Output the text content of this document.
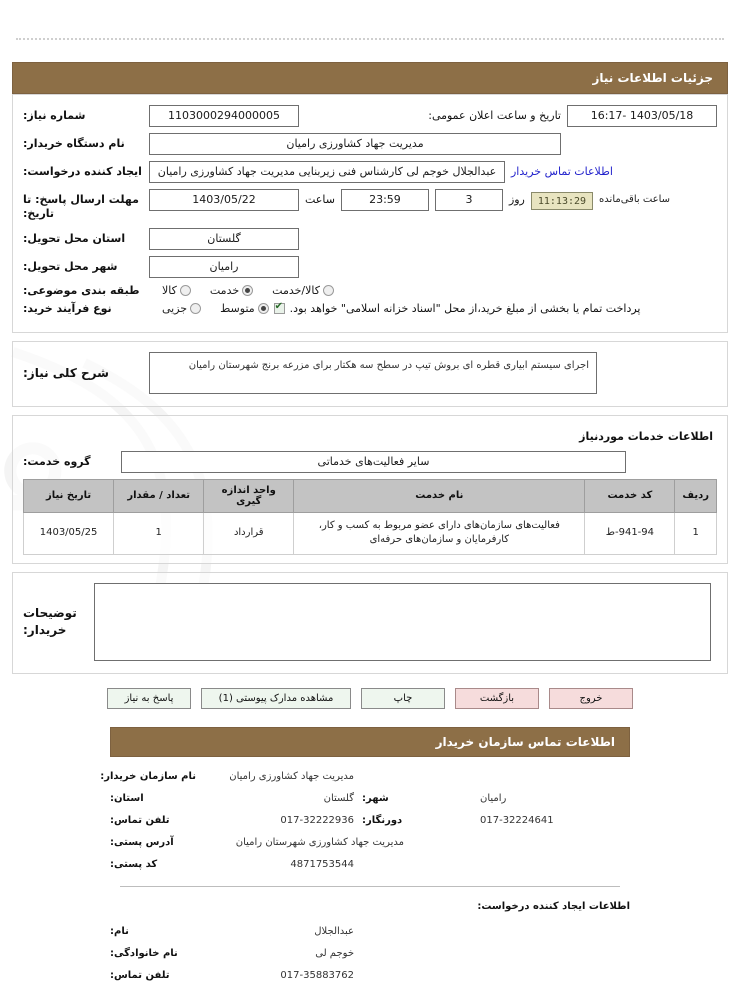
جزئیات اطلاعات نیاز
1403/05/18 -16:17
تاریخ و ساعت اعلان عمومی:
1103000294000005
شماره نیاز:
مدیریت جهاد کشاورزی رامیان
نام دستگاه خریدار:
اطلاعات تماس خریدار
عبدالجلال خوجم لی کارشناس فنی زیربنایی مدیریت جهاد کشاورزی رامیان
ایجاد کننده درخواست:
ساعت باقی‌مانده
11:13:29
روز
3
23:59
ساعت
1403/05/22
مهلت ارسال پاسخ: تا تاریخ:
گلستان
استان محل تحویل:
رامیان
شهر محل تحویل:
کالا/خدمت
خدمت
کالا
طبقه بندی موضوعی:
پرداخت تمام یا بخشی از مبلغ خرید،از محل "اسناد خزانه اسلامی" خواهد بود.
✔
متوسط
جزیی
نوع فرآیند خرید:
اجرای سیستم ابیاری قطره ای بروش تیپ در سطح سه هکتار برای مزرعه برنج شهرستان رامیان
شرح کلی نیاز:
اطلاعات خدمات موردنیاز
سایر فعالیت‌های خدماتی
گروه خدمت:
ردیف	کد خدمت	نام خدمت	واحد اندازه گیری	تعداد / مقدار	تاریخ نیاز
1	941-94-ط	فعالیت‌های سازمان‌های دارای عضو مربوط به کسب و کار، کارفرمایان و سازمان‌های حرفه‌ای	قرارداد	1	1403/05/25
توضیحات خریدار:
خروج
بازگشت
چاپ
مشاهده مدارک پیوستی (1)
پاسخ به نیاز
اطلاعات تماس سازمان خریدار
مدیریت جهاد کشاورزی رامیان
نام سازمان خریدار:
رامیان
شهر:
گلستان
استان:
017-32224641
دورنگار:
017-32222936
تلفن تماس:
مدیریت جهاد کشاورزی شهرستان رامیان
آدرس پستی:
4871753544
کد پستی:
اطلاعات ایجاد کننده درخواست:
عبدالجلال
نام:
خوجم لی
نام خانوادگی:
017-35883762
تلفن تماس:
